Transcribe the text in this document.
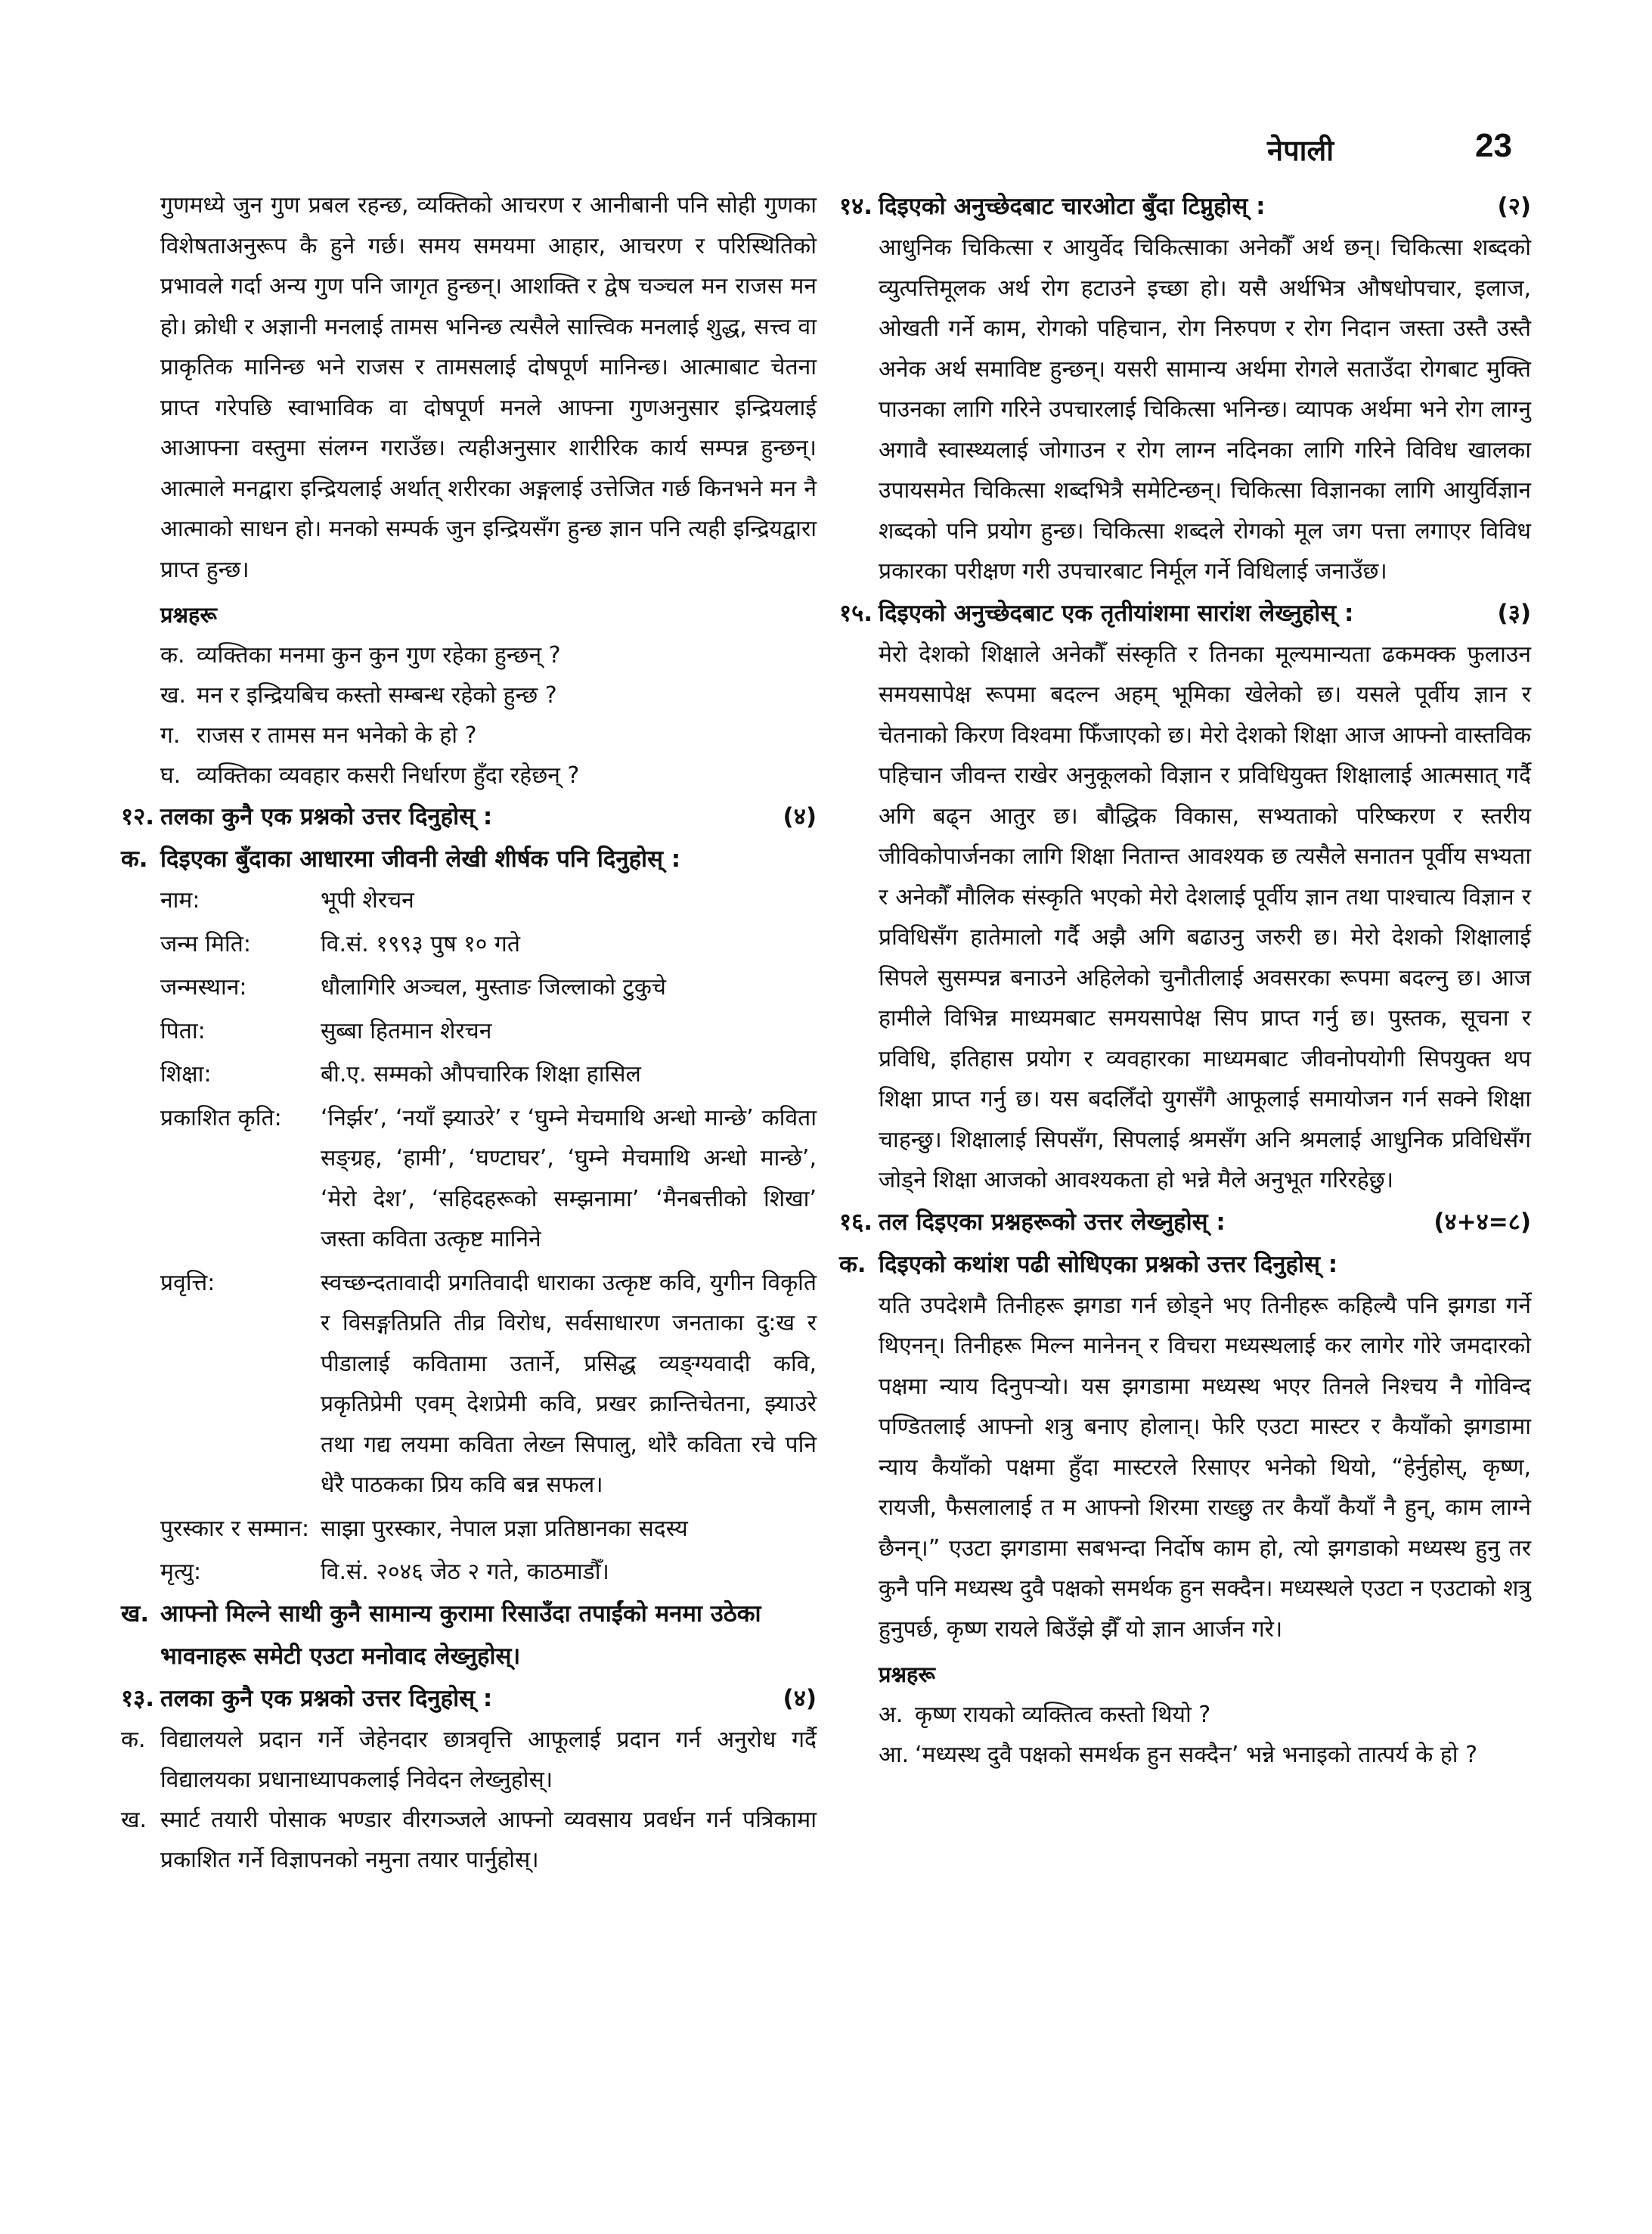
नेपाली	23

गुणमध्ये जुन गुण प्रबल रहन्छ, व्यक्तिको आचरण र आनीबानी पनि सोही गुणका विशेषताअनुरूप कै हुने गर्छ। समय समयमा आहार, आचरण र परिस्थितिको प्रभावले गर्दा अन्य गुण पनि जागृत हुन्छन्। आशक्ति र द्वेष चञ्चल मन राजस मन हो। क्रोधी र अज्ञानी मनलाई तामस भनिन्छ त्यसैले सात्त्विक मनलाई शुद्ध, सत्त्व वा प्राकृतिक मानिन्छ भने राजस र तामसलाई दोषपूर्ण मानिन्छ। आत्माबाट चेतना प्राप्त गरेपछि स्वाभाविक वा दोषपूर्ण मनले आफ्ना गुणअनुसार इन्द्रियलाई आआफ्ना वस्तुमा संलग्न गराउँछ। त्यहीअनुसार शारीरिक कार्य सम्पन्न हुन्छन्। आत्माले मनद्वारा इन्द्रियलाई अर्थात् शरीरका अङ्गलाई उत्तेजित गर्छ किनभने मन नै आत्माको साधन हो। मनको सम्पर्क जुन इन्द्रियसँग हुन्छ ज्ञान पनि त्यही इन्द्रियद्वारा प्राप्त हुन्छ।

प्रश्नहरू
क. व्यक्तिका मनमा कुन कुन गुण रहेका हुन्छन् ?
ख. मन र इन्द्रियबिच कस्तो सम्बन्ध रहेको हुन्छ ?
ग. राजस र तामस मन भनेको के हो ?
घ. व्यक्तिका व्यवहार कसरी निर्धारण हुँदा रहेछन् ?
१२. तलका कुनै एक प्रश्नको उत्तर दिनुहोस् :	(४)
क. दिइएका बुँदाका आधारमा जीवनी लेखी शीर्षक पनि दिनुहोस् :
नाम:	भूपी शेरचन
जन्म मिति:	वि.सं. १९९३ पुष १० गते
जन्मस्थान:	धौलागिरि अञ्चल, मुस्ताङ जिल्लाको टुकुचे
पिता:	सुब्बा हितमान शेरचन
शिक्षा:	बी.ए. सम्मको औपचारिक शिक्षा हासिल
प्रकाशित कृति:	‘निर्झर’, ‘नयाँ झ्याउरे’ र ‘घुम्ने मेचमाथि अन्धो मान्छे’ कविता सङ्ग्रह, ‘हामी’, ‘घण्टाघर’, ‘घुम्ने मेचमाथि अन्धो मान्छे’, ‘मेरो देश’, ‘सहिदहरूको सम्झनामा’ ‘मैनबत्तीको शिखा’ जस्ता कविता उत्कृष्ट मानिने
प्रवृत्ति:	स्वच्छन्दतावादी प्रगतिवादी धाराका उत्कृष्ट कवि, युगीन विकृति र विसङ्गतिप्रति तीव्र विरोध, सर्वसाधारण जनताका दु:ख र पीडालाई कवितामा उतार्ने, प्रसिद्ध व्यङ्ग्यवादी कवि, प्रकृतिप्रेमी एवम् देशप्रेमी कवि, प्रखर क्रान्तिचेतना, झ्याउरे तथा गद्य लयमा कविता लेख्न सिपालु, थोरै कविता रचे पनि धेरै पाठकका प्रिय कवि बन्न सफल।
पुरस्कार र सम्मान: साझा पुरस्कार, नेपाल प्रज्ञा प्रतिष्ठानका सदस्य
मृत्यु:	वि.सं. २०४६ जेठ २ गते, काठमाडौँ।
ख. आफ्नो मिल्ने साथी कुनै सामान्य कुरामा रिसाउँदा तपाईंको मनमा उठेका भावनाहरू समेटी एउटा मनोवाद लेख्नुहोस्।
१३. तलका कुनै एक प्रश्नको उत्तर दिनुहोस् :	(४)
क. विद्यालयले प्रदान गर्ने जेहेनदार छात्रवृत्ति आफूलाई प्रदान गर्न अनुरोध गर्दै विद्यालयका प्रधानाध्यापकलाई निवेदन लेख्नुहोस्।
ख. स्मार्ट तयारी पोसाक भण्डार वीरगञ्जले आफ्नो व्यवसाय प्रवर्धन गर्न पत्रिकामा प्रकाशित गर्ने विज्ञापनको नमुना तयार पार्नुहोस्।
१४. दिइएको अनुच्छेदबाट चारओटा बुँदा टिप्नुहोस् :	(२)

आधुनिक चिकित्सा र आयुर्वेद चिकित्साका अनेकौँ अर्थ छन्। चिकित्सा शब्दको व्युत्पत्तिमूलक अर्थ रोग हटाउने इच्छा हो। यसै अर्थभित्र औषधोपचार, इलाज, ओखती गर्ने काम, रोगको पहिचान, रोग निरुपण र रोग निदान जस्ता उस्तै उस्तै अनेक अर्थ समाविष्ट हुन्छन्। यसरी सामान्य अर्थमा रोगले सताउँदा रोगबाट मुक्ति पाउनका लागि गरिने उपचारलाई चिकित्सा भनिन्छ। व्यापक अर्थमा भने रोग लाग्नु अगावै स्वास्थ्यलाई जोगाउन र रोग लाग्न नदिनका लागि गरिने विविध खालका उपायसमेत चिकित्सा शब्दभित्रै समेटिन्छन्। चिकित्सा विज्ञानका लागि आयुर्विज्ञान शब्दको पनि प्रयोग हुन्छ। चिकित्सा शब्दले रोगको मूल जग पत्ता लगाएर विविध प्रकारका परीक्षण गरी उपचारबाट निर्मूल गर्ने विधिलाई जनाउँछ।

१५. दिइएको अनुच्छेदबाट एक तृतीयांशमा सारांश लेख्नुहोस् :	(३)

मेरो देशको शिक्षाले अनेकौँ संस्कृति र तिनका मूल्यमान्यता ढकमक्क फुलाउन समयसापेक्ष रूपमा बदल्न अहम् भूमिका खेलेको छ। यसले पूर्वीय ज्ञान र चेतनाको किरण विश्वमा फिँजाएको छ। मेरो देशको शिक्षा आज आफ्नो वास्तविक पहिचान जीवन्त राखेर अनुकूलको विज्ञान र प्रविधियुक्त शिक्षालाई आत्मसात् गर्दै अगि बढ्न आतुर छ। बौद्धिक विकास, सभ्यताको परिष्करण र स्तरीय जीविकोपार्जनका लागि शिक्षा नितान्त आवश्यक छ त्यसैले सनातन पूर्वीय सभ्यता र अनेकौँ मौलिक संस्कृति भएको मेरो देशलाई पूर्वीय ज्ञान तथा पाश्चात्य विज्ञान र प्रविधिसँग हातेमालो गर्दै अझै अगि बढाउनु जरुरी छ। मेरो देशको शिक्षालाई सिपले सुसम्पन्न बनाउने अहिलेको चुनौतीलाई अवसरका रूपमा बदल्नु छ। आज हामीले विभिन्न माध्यमबाट समयसापेक्ष सिप प्राप्त गर्नु छ। पुस्तक, सूचना र प्रविधि, इतिहास प्रयोग र व्यवहारका माध्यमबाट जीवनोपयोगी सिपयुक्त थप शिक्षा प्राप्त गर्नु छ। यस बदलिँदो युगसँगै आफूलाई समायोजन गर्न सक्ने शिक्षा चाहन्छु। शिक्षालाई सिपसँग, सिपलाई श्रमसँग अनि श्रमलाई आधुनिक प्रविधिसँग जोड्ने शिक्षा आजको आवश्यकता हो भन्ने मैले अनुभूत गरिरहेछु।

१६. तल दिइएका प्रश्नहरूको उत्तर लेख्नुहोस् :	(४+४=८)
क. दिइएको कथांश पढी सोधिएका प्रश्नको उत्तर दिनुहोस् :

यति उपदेशमै तिनीहरू झगडा गर्न छोड्ने भए तिनीहरू कहिल्यै पनि झगडा गर्ने थिएनन्। तिनीहरू मिल्न मानेनन् र विचरा मध्यस्थलाई कर लागेर गोरे जमदारको पक्षमा न्याय दिनुपर्‍यो। यस झगडामा मध्यस्थ भएर तिनले निश्चय नै गोविन्द पण्डितलाई आफ्नो शत्रु बनाए होलान्। फेरि एउटा मास्टर र कैयाँको झगडामा न्याय कैयाँको पक्षमा हुँदा मास्टरले रिसाएर भनेको थियो, “हेर्नुहोस्, कृष्ण, रायजी, फैसलालाई त म आफ्नो शिरमा राख्छु तर कैयाँ कैयाँ नै हुन्, काम लाग्ने छैनन्।” एउटा झगडामा सबभन्दा निर्दोष काम हो, त्यो झगडाको मध्यस्थ हुनु तर कुनै पनि मध्यस्थ दुवै पक्षको समर्थक हुन सक्दैन। मध्यस्थले एउटा न एउटाको शत्रु हुनुपर्छ, कृष्ण रायले बिउँझे झैँ यो ज्ञान आर्जन गरे।

प्रश्नहरू
अ. कृष्ण रायको व्यक्तित्व कस्तो थियो ?
आ. ‘मध्यस्थ दुवै पक्षको समर्थक हुन सक्दैन’ भन्ने भनाइको तात्पर्य के हो ?
